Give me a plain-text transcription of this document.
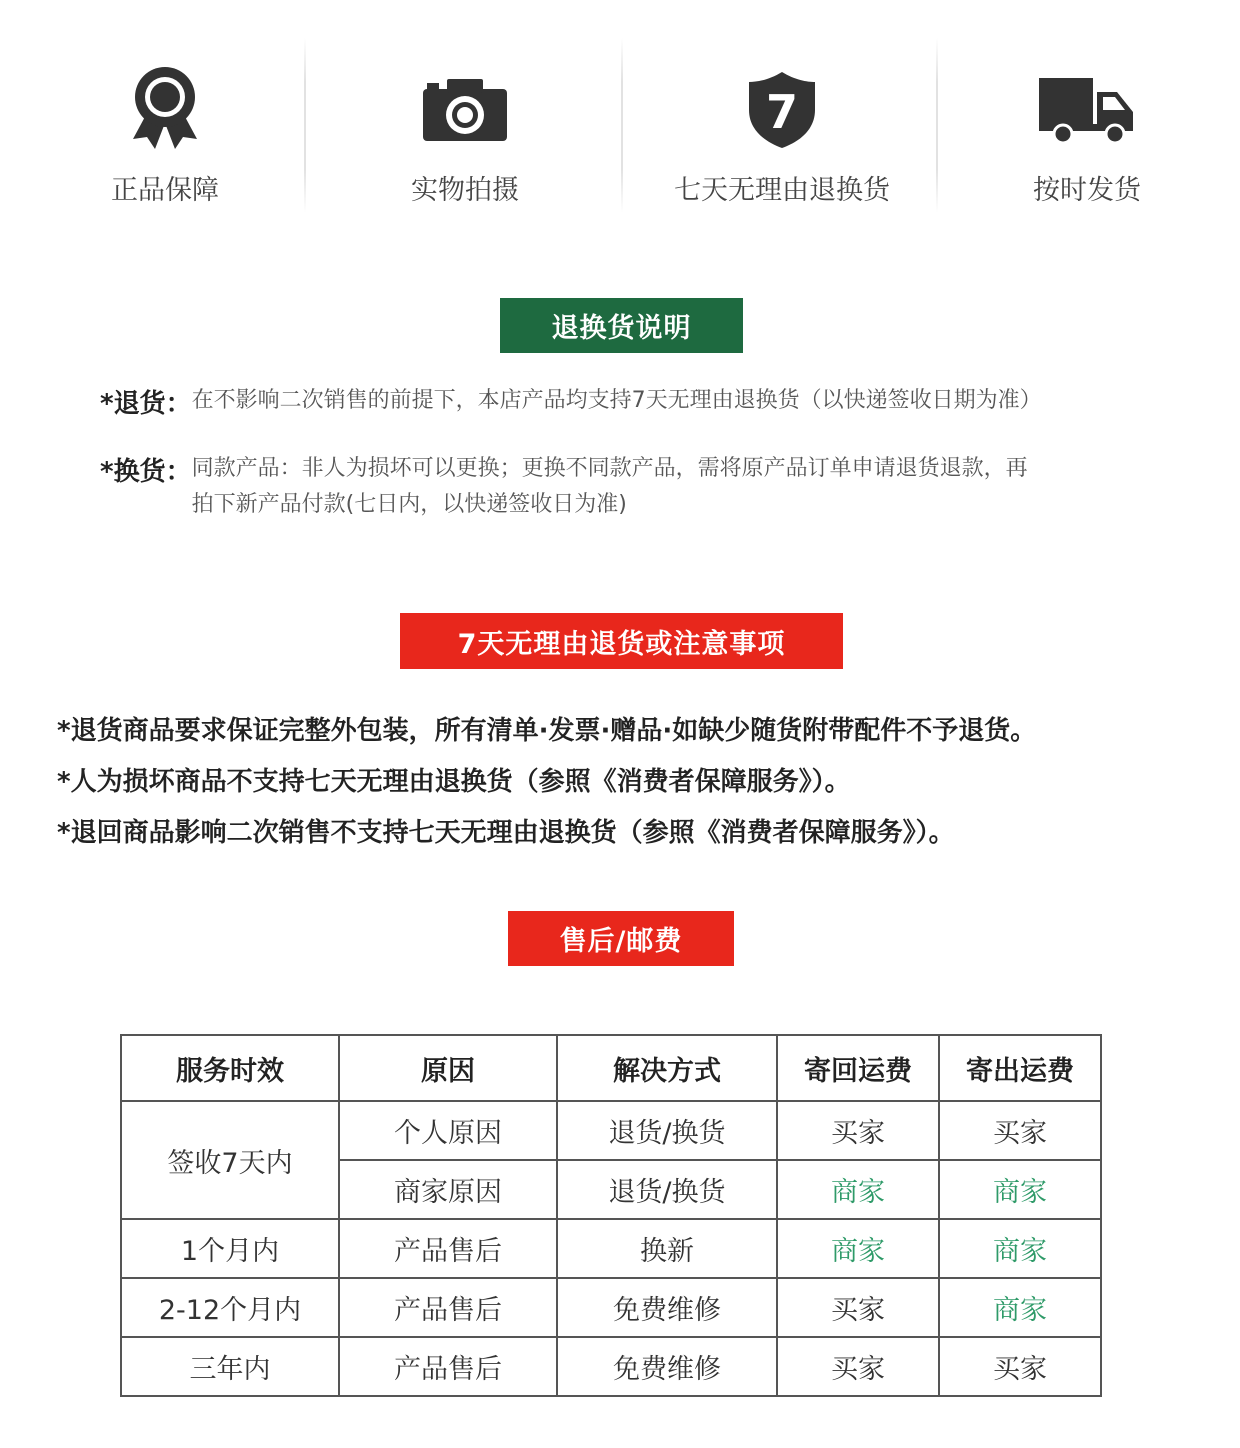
正品保障	实物拍摄
7
七天无理由退换货	按时发货
退换货说明
*退货： 在不影响二次销售的前提下，本店产品均支持7天无理由退换货（以快递签收日期为准）
*换货： 同款产品：非人为损坏可以更换；更换不同款产品，需将原产品订单申请退货退款，再
拍下新产品付款(七日内，以快递签收日为准)
7天无理由退货或注意事项
*退货商品要求保证完整外包装，所有清单·发票·赠品·如缺少随货附带配件不予退货。
*人为损坏商品不支持七天无理由退换货（参照《消费者保障服务》）。
*退回商品影响二次销售不支持七天无理由退换货（参照《消费者保障服务》）。
售后/邮费
服务时效	原因	解决方式	寄回运费	寄出运费
签收7天内	个人原因	退货/换货	买家	买家
	商家原因	退货/换货	商家	商家
1个月内	产品售后	换新	商家	商家
2-12个月内	产品售后	免费维修	买家	商家
三年内	产品售后	免费维修	买家	买家
